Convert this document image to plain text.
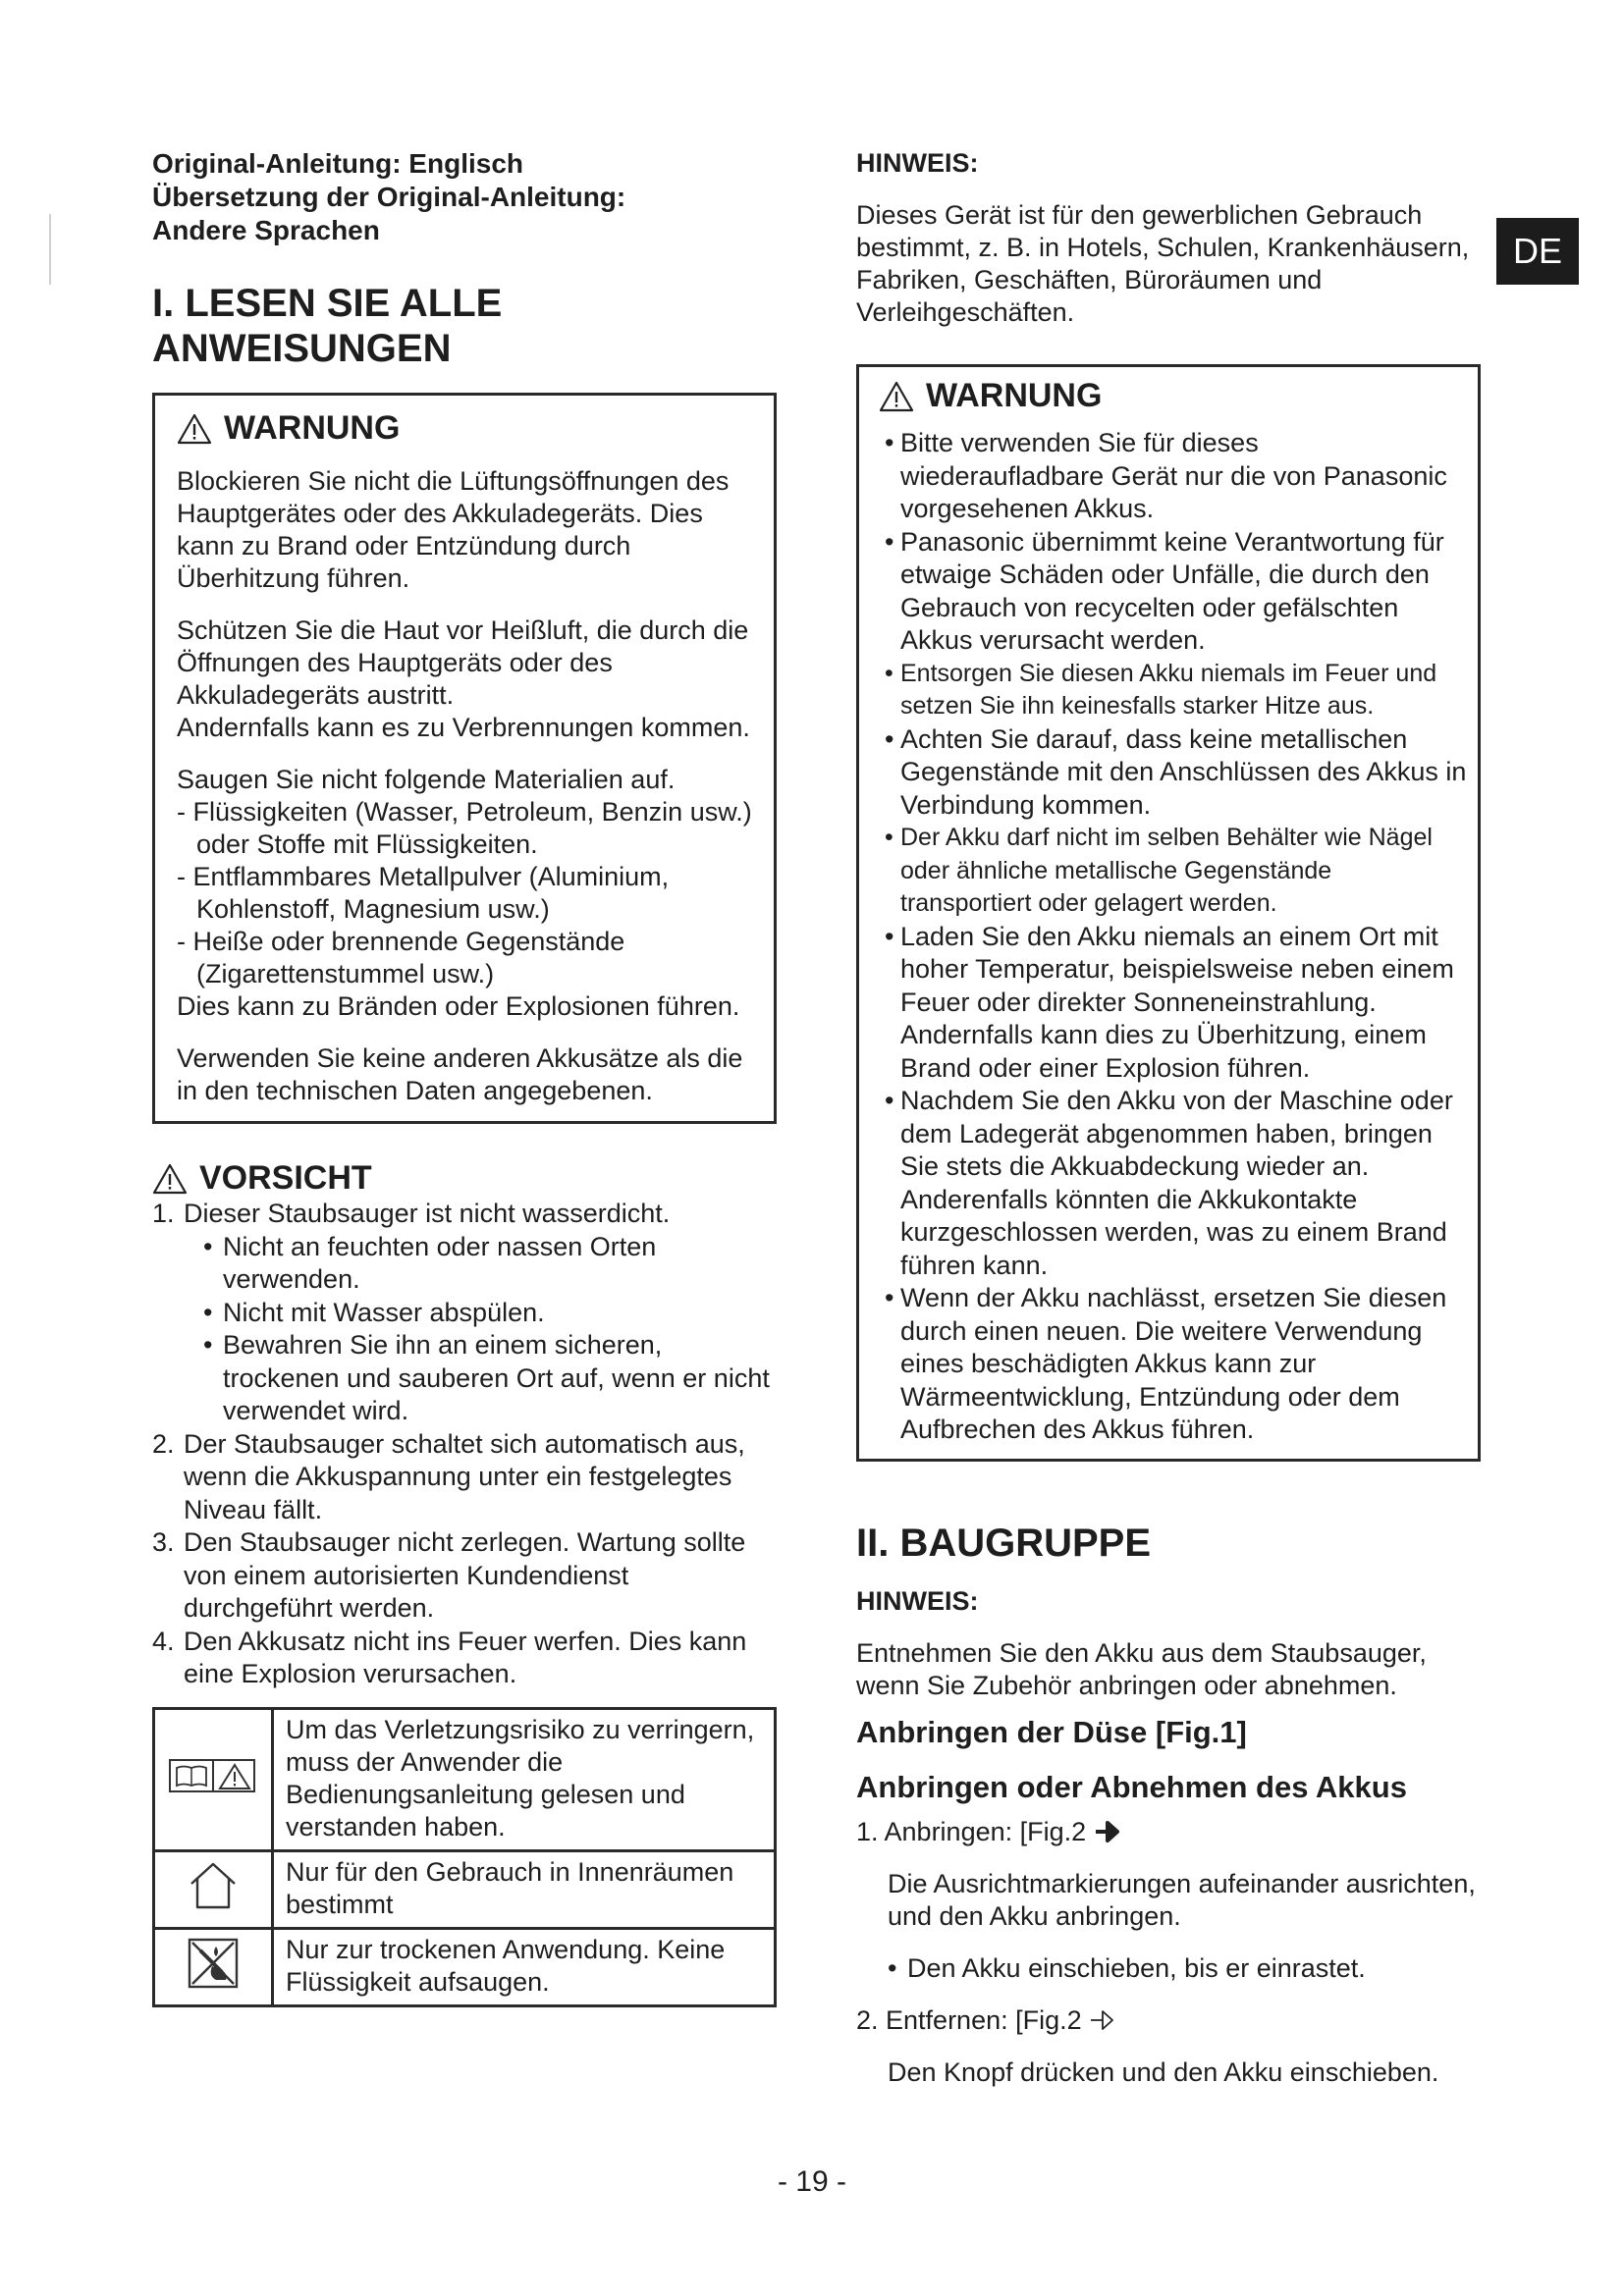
DE

Original-Anleitung: Englisch

Übersetzung der Original-Anleitung:

Andere Sprachen

I. LESEN SIE ALLE
ANWEISUNGEN
WARNUNG

Blockieren Sie nicht die Lüftungsöffnungen des Hauptgerätes oder des Akkuladegeräts. Dies kann zu Brand oder Entzündung durch Überhitzung führen.

Schützen Sie die Haut vor Heißluft, die durch die Öffnungen des Hauptgeräts oder des Akkuladegeräts austritt.
Andernfalls kann es zu Verbrennungen kommen.

Saugen Sie nicht folgende Materialien auf.
- Flüssigkeiten (Wasser, Petroleum, Benzin usw.) oder Stoffe mit Flüssigkeiten.
- Entflammbares Metallpulver (Aluminium, Kohlenstoff, Magnesium usw.)
- Heiße oder brennende Gegenstände (Zigarettenstummel usw.)
Dies kann zu Bränden oder Explosionen führen.

Verwenden Sie keine anderen Akkusätze als die in den technischen Daten angegebenen.

VORSICHT
1. Dieser Staubsauger ist nicht wasserdicht.
• Nicht an feuchten oder nassen Orten verwenden.
• Nicht mit Wasser abspülen.
• Bewahren Sie ihn an einem sicheren, trockenen und sauberen Ort auf, wenn er nicht verwendet wird.
2. Der Staubsauger schaltet sich automatisch aus, wenn die Akkuspannung unter ein festgelegtes Niveau fällt.
3. Den Staubsauger nicht zerlegen. Wartung sollte von einem autorisierten Kundendienst durchgeführt werden.
4. Den Akkusatz nicht ins Feuer werfen. Dies kann eine Explosion verursachen.
	Um das Verletzungsrisiko zu verringern, muss der Anwender die Bedienungsanleitung gelesen und verstanden haben.
	Nur für den Gebrauch in Innenräumen bestimmt
	Nur zur trockenen Anwendung. Keine Flüssigkeit aufsaugen.
HINWEIS:
Dieses Gerät ist für den gewerblichen Gebrauch bestimmt, z. B. in Hotels, Schulen, Krankenhäusern, Fabriken, Geschäften, Büroräumen und Verleihgeschäften.
WARNUNG
• Bitte verwenden Sie für dieses wiederaufladbare Gerät nur die von Panasonic vorgesehenen Akkus.
• Panasonic übernimmt keine Verantwortung für etwaige Schäden oder Unfälle, die durch den Gebrauch von recycelten oder gefälschten Akkus verursacht werden.
• Entsorgen Sie diesen Akku niemals im Feuer und setzen Sie ihn keinesfalls starker Hitze aus.
• Achten Sie darauf, dass keine metallischen Gegenstände mit den Anschlüssen des Akkus in Verbindung kommen.
• Der Akku darf nicht im selben Behälter wie Nägel oder ähnliche metallische Gegenstände transportiert oder gelagert werden.
• Laden Sie den Akku niemals an einem Ort mit hoher Temperatur, beispielsweise neben einem Feuer oder direkter Sonneneinstrahlung. Andernfalls kann dies zu Überhitzung, einem Brand oder einer Explosion führen.
• Nachdem Sie den Akku von der Maschine oder dem Ladegerät abgenommen haben, bringen Sie stets die Akkuabdeckung wieder an. Anderenfalls könnten die Akkukontakte kurzgeschlossen werden, was zu einem Brand führen kann.
• Wenn der Akku nachlässt, ersetzen Sie diesen durch einen neuen. Die weitere Verwendung eines beschädigten Akkus kann zur Wärmeentwicklung, Entzündung oder dem Aufbrechen des Akkus führen.
II. BAUGRUPPE
HINWEIS:
Entnehmen Sie den Akku aus dem Staubsauger, wenn Sie Zubehör anbringen oder abnehmen.
Anbringen der Düse [Fig.1]
Anbringen oder Abnehmen des Akkus
1. Anbringen: [Fig.2
Die Ausrichtmarkierungen aufeinander ausrichten, und den Akku anbringen.
• Den Akku einschieben, bis er einrastet.
2. Entfernen: [Fig.2
Den Knopf drücken und den Akku einschieben.
- 19 -
